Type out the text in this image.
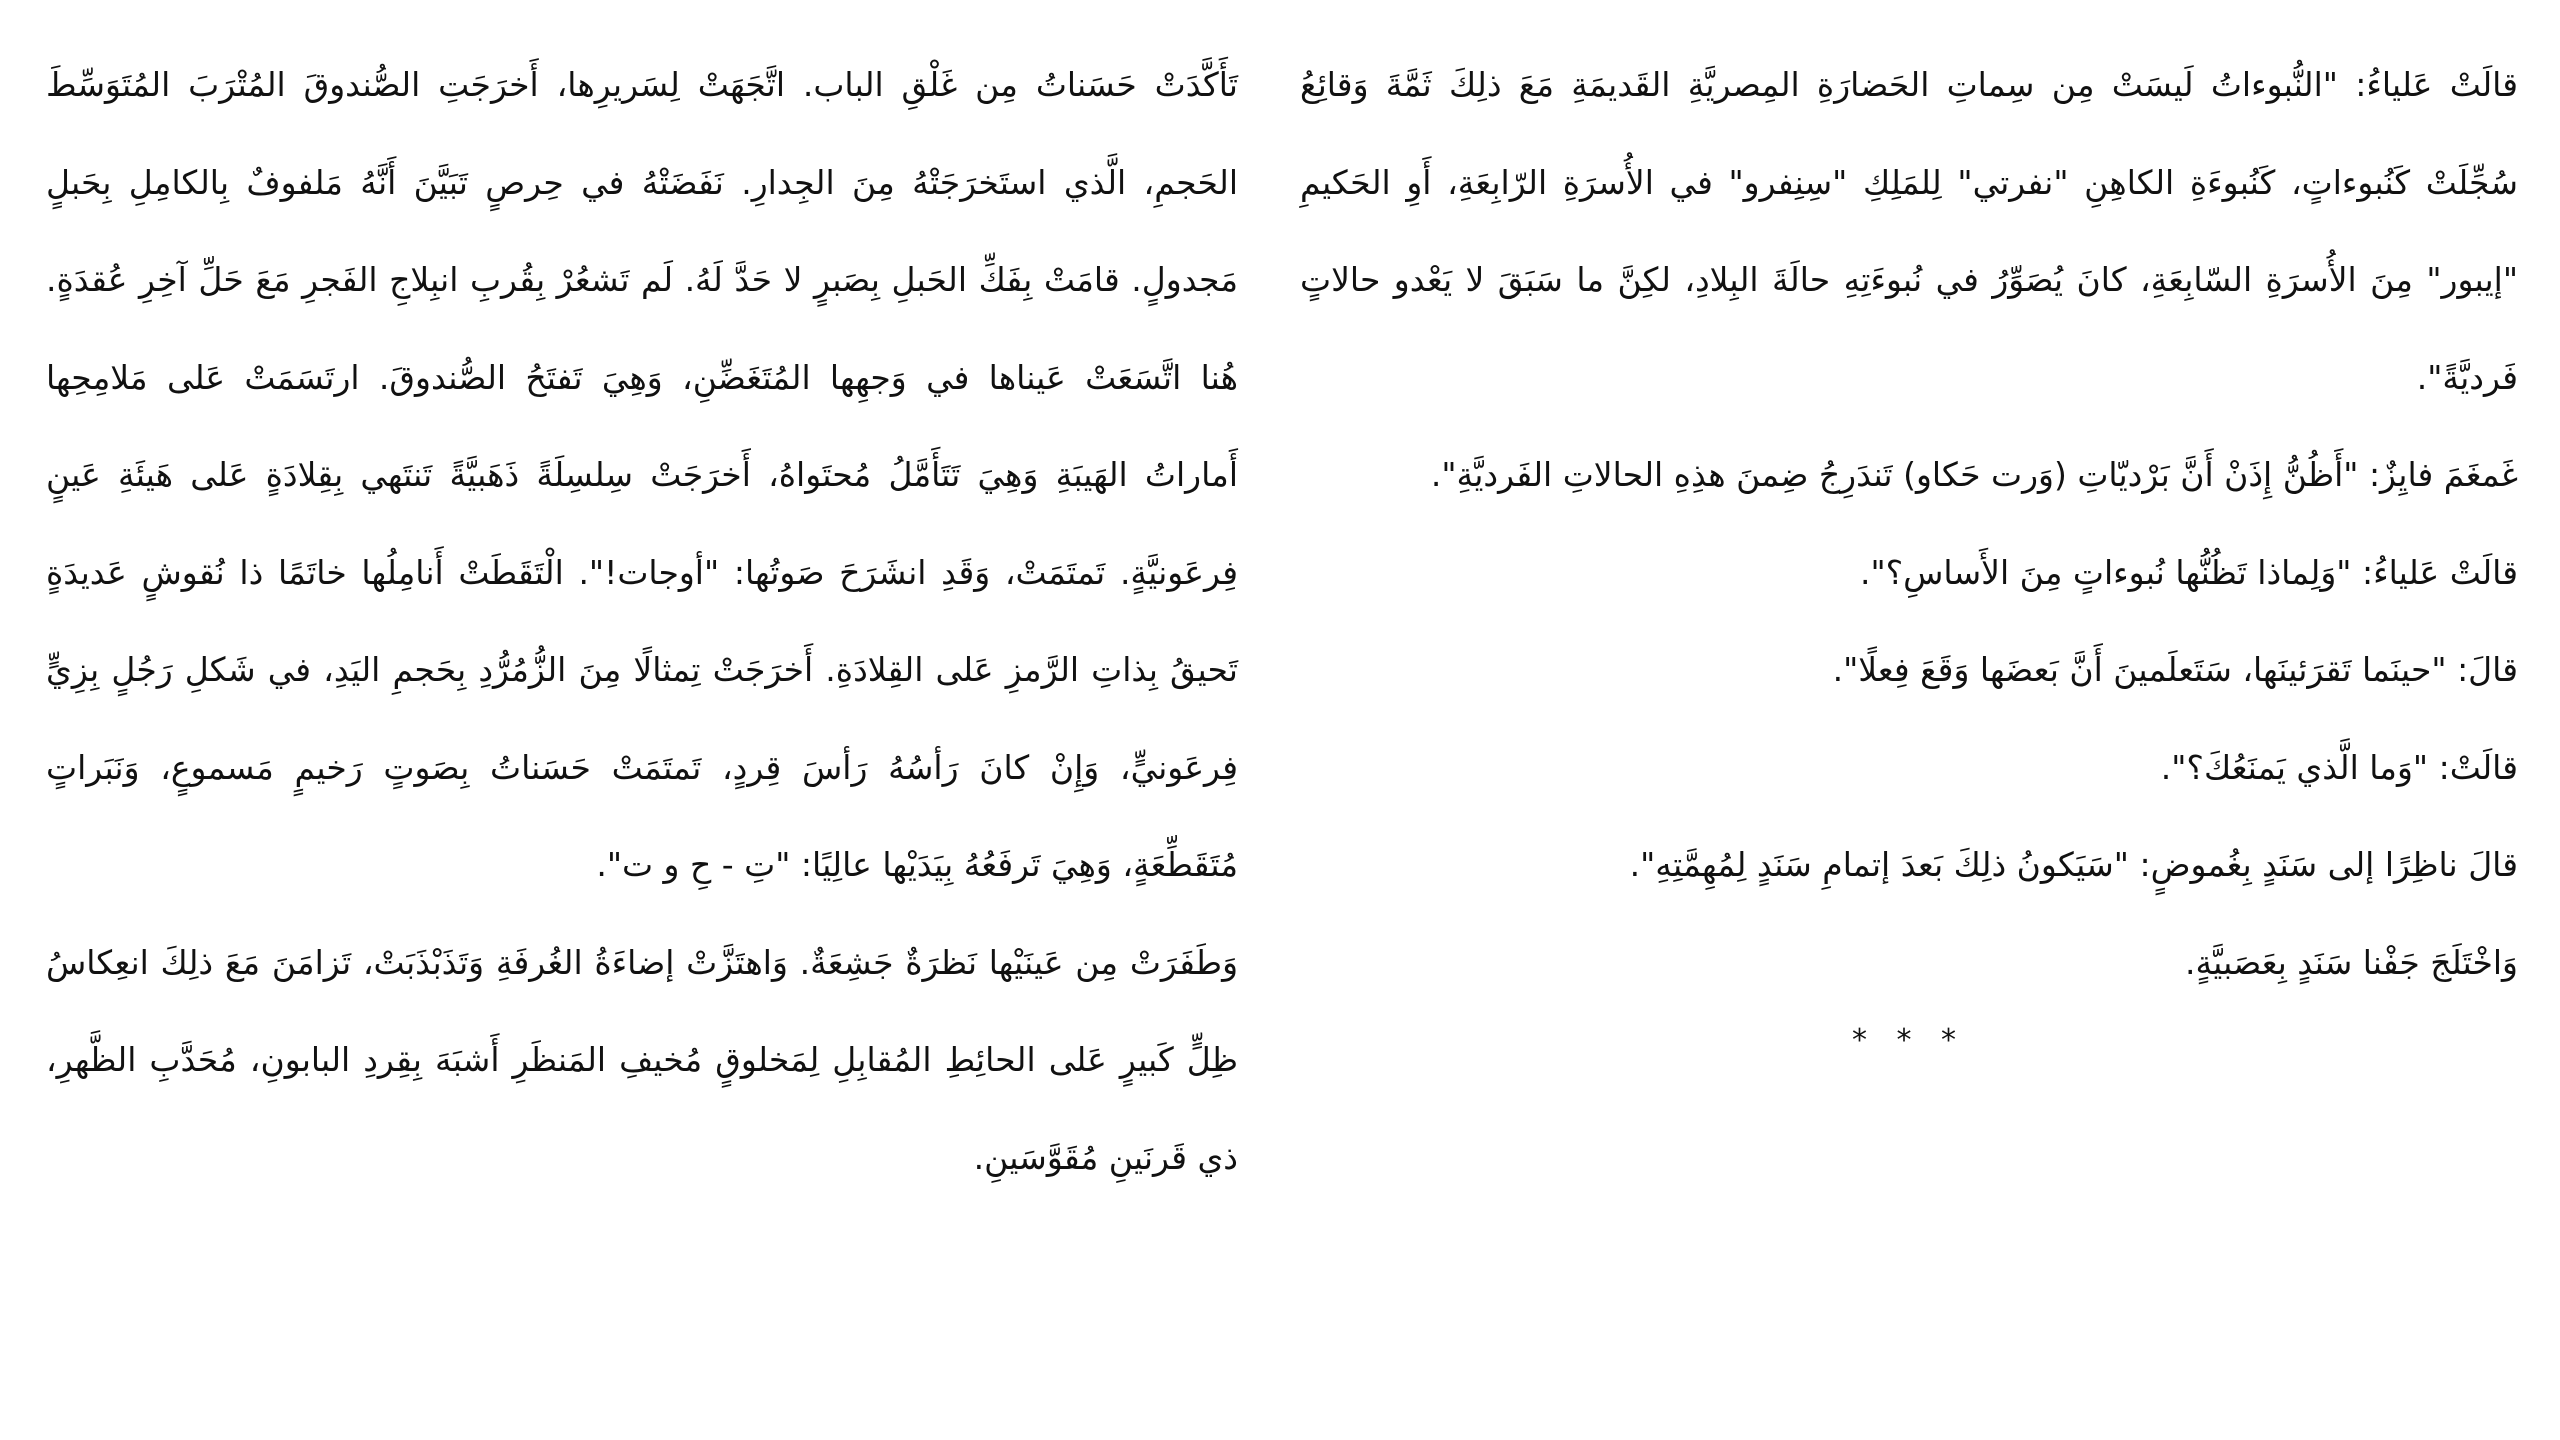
قالَتْ عَلياءُ: "النُّبوءاتُ لَيسَتْ مِن سِماتِ الحَضارَةِ المِصريَّةِ القَديمَةِ مَعَ ذلِكَ ثَمَّةَ وَقائِعُ سُجِّلَتْ كَنُبوءاتٍ، كَنُبوءَةِ الكاهِنِ "نفرتي" لِلمَلِكِ "سِنِفرو" في الأُسرَةِ الرّابِعَةِ، أَوِ الحَكيمِ "إيبور" مِنَ الأُسرَةِ السّابِعَةِ، كانَ يُصَوِّرُ في نُبوءَتِهِ حالَةَ البِلادِ، لكِنَّ ما سَبَقَ لا يَعْدو حالاتٍ فَرديَّةً".

غَمغَمَ فايِزٌ: "أَظُنُّ إِذَنْ أَنَّ بَرْديّاتِ (وَرت حَكاو) تَندَرِجُ ضِمنَ هذِهِ الحالاتِ الفَرديَّةِ".

قالَتْ عَلياءُ: "وَلِماذا تَظُنُّها نُبوءاتٍ مِنَ الأَساسِ؟".

قالَ: "حينَما تَقرَئينَها، سَتَعلَمينَ أَنَّ بَعضَها وَقَعَ فِعلًا".

قالَتْ: "وَما الَّذي يَمنَعُكَ؟".

قالَ ناظِرًا إلى سَنَدٍ بِغُموضٍ: "سَيَكونُ ذلِكَ بَعدَ إتمامِ سَنَدٍ لِمُهِمَّتِهِ".

وَاخْتَلَجَ جَفْنا سَنَدٍ بِعَصَبيَّةٍ.

* * *

تَأَكَّدَتْ حَسَناتُ مِن غَلْقِ الباب. اتَّجَهَتْ لِسَريرِها، أَخرَجَتِ الصُّندوقَ المُتْرَبَ المُتَوَسِّطَ الحَجمِ، الَّذي استَخرَجَتْهُ مِنَ الجِدارِ. نَفَضَتْهُ في حِرصٍ تَبَيَّنَ أَنَّهُ مَلفوفٌ بِالكامِلِ بِحَبلٍ مَجدولٍ. قامَتْ بِفَكِّ الحَبلِ بِصَبرٍ لا حَدَّ لَهُ. لَم تَشعُرْ بِقُربِ انبِلاجِ الفَجرِ مَعَ حَلِّ آخِرِ عُقدَةٍ. هُنا اتَّسَعَتْ عَيناها في وَجهِها المُتَغَضِّنِ، وَهِيَ تَفتَحُ الصُّندوقَ. ارتَسَمَتْ عَلى مَلامِحِها أَماراتُ الهَيبَةِ وَهِيَ تَتَأَمَّلُ مُحتَواهُ، أَخرَجَتْ سِلسِلَةً ذَهَبيَّةً تَنتَهي بِقِلادَةٍ عَلى هَيئَةِ عَينٍ فِرعَونيَّةٍ. تَمتَمَتْ، وَقَدِ انشَرَحَ صَوتُها: "أوجات!". الْتَقَطَتْ أَنامِلُها خاتَمًا ذا نُقوشٍ عَديدَةٍ تَحيقُ بِذاتِ الرَّمزِ عَلى القِلادَةِ. أَخرَجَتْ تِمثالًا مِنَ الزُّمُرُّدِ بِحَجمِ اليَدِ، في شَكلِ رَجُلٍ بِزِيٍّ فِرعَونيٍّ، وَإِنْ كانَ رَأسُهُ رَأسَ قِردٍ، تَمتَمَتْ حَسَناتُ بِصَوتٍ رَخيمٍ مَسموعٍ، وَنَبَراتٍ مُتَقَطِّعَةٍ، وَهِيَ تَرفَعُهُ بِيَدَيْها عالِيًا: "تِ - حِ و ت".

وَطَفَرَتْ مِن عَينَيْها نَظرَةٌ جَشِعَةٌ. وَاهتَزَّتْ إضاءَةُ الغُرفَةِ وَتَذَبْذَبَتْ، تَزامَنَ مَعَ ذلِكَ انعِكاسُ ظِلٍّ كَبيرٍ عَلى الحائِطِ المُقابِلِ لِمَخلوقٍ مُخيفِ المَنظَرِ أَشبَهَ بِقِردِ البابونِ، مُحَدَّبِ الظَّهرِ، ذي قَرنَينِ مُقَوَّسَينِ.
